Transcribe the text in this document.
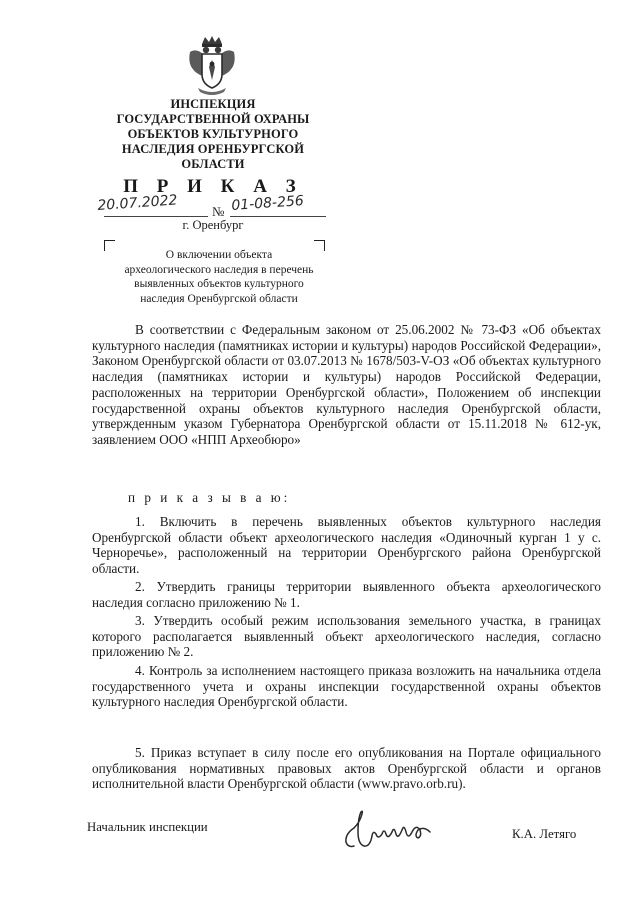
ИНСПЕКЦИЯ
ГОСУДАРСТВЕННОЙ ОХРАНЫ
ОБЪЕКТОВ КУЛЬТУРНОГО
НАСЛЕДИЯ ОРЕНБУРГСКОЙ
ОБЛАСТИ
П Р И К А З
20.07.2022	№ 01-08-256
г. Оренбург
О включении объекта
археологического наследия в перечень
выявленных объектов культурного
наследия Оренбургской области
В соответствии с Федеральным законом от 25.06.2002 № 73-ФЗ «Об объектах культурного наследия (памятниках истории и культуры) народов Российской Федерации», Законом Оренбургской области от 03.07.2013 № 1678/503-V-ОЗ «Об объектах культурного наследия (памятниках истории и культуры) народов Российской Федерации, расположенных на территории Оренбургской области», Положением об инспекции государственной охраны объектов культурного наследия Оренбургской области, утвержденным указом Губернатора Оренбургской области от 15.11.2018 № 612-ук, заявлением ООО «НПП Археобюро»
п р и к а з ы в а ю:
1. Включить в перечень выявленных объектов культурного наследия Оренбургской области объект археологического наследия «Одиночный курган 1 у с. Черноречье», расположенный на территории Оренбургского района Оренбургской области.
2. Утвердить границы территории выявленного объекта археологического наследия согласно приложению № 1.
3. Утвердить особый режим использования земельного участка, в границах которого располагается выявленный объект археологического наследия, согласно приложению № 2.
4. Контроль за исполнением настоящего приказа возложить на начальника отдела государственного учета и охраны инспекции государственной охраны объектов культурного наследия Оренбургской области.
5. Приказ вступает в силу после его опубликования на Портале официального опубликования нормативных правовых актов Оренбургской области и органов исполнительной власти Оренбургской области (www.pravo.orb.ru).
Начальник инспекции	К.А. Летяго
